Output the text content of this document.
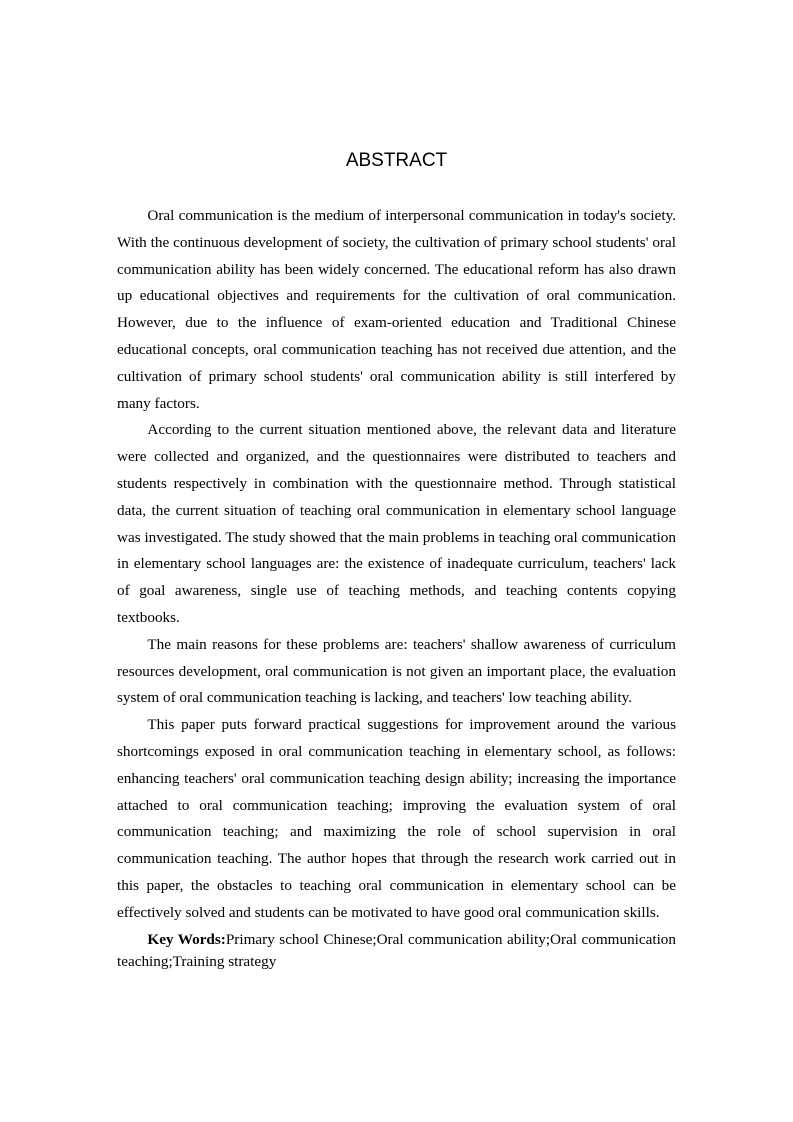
ABSTRACT

Oral communication is the medium of interpersonal communication in today's society. With the continuous development of society, the cultivation of primary school students' oral communication ability has been widely concerned. The educational reform has also drawn up educational objectives and requirements for the cultivation of oral communication. However, due to the influence of exam-oriented education and Traditional Chinese educational concepts, oral communication teaching has not received due attention, and the cultivation of primary school students' oral communication ability is still interfered by many factors.

According to the current situation mentioned above, the relevant data and literature were collected and organized, and the questionnaires were distributed to teachers and students respectively in combination with the questionnaire method. Through statistical data, the current situation of teaching oral communication in elementary school language was investigated. The study showed that the main problems in teaching oral communication in elementary school languages are: the existence of inadequate curriculum, teachers' lack of goal awareness, single use of teaching methods, and teaching contents copying textbooks.

The main reasons for these problems are: teachers' shallow awareness of curriculum resources development, oral communication is not given an important place, the evaluation system of oral communication teaching is lacking, and teachers' low teaching ability.

This paper puts forward practical suggestions for improvement around the various shortcomings exposed in oral communication teaching in elementary school, as follows: enhancing teachers' oral communication teaching design ability; increasing the importance attached to oral communication teaching; improving the evaluation system of oral communication teaching; and maximizing the role of school supervision in oral communication teaching. The author hopes that through the research work carried out in this paper, the obstacles to teaching oral communication in elementary school can be effectively solved and students can be motivated to have good oral communication skills.

Key Words:Primary school Chinese;Oral communication ability;Oral communication teaching;Training strategy
